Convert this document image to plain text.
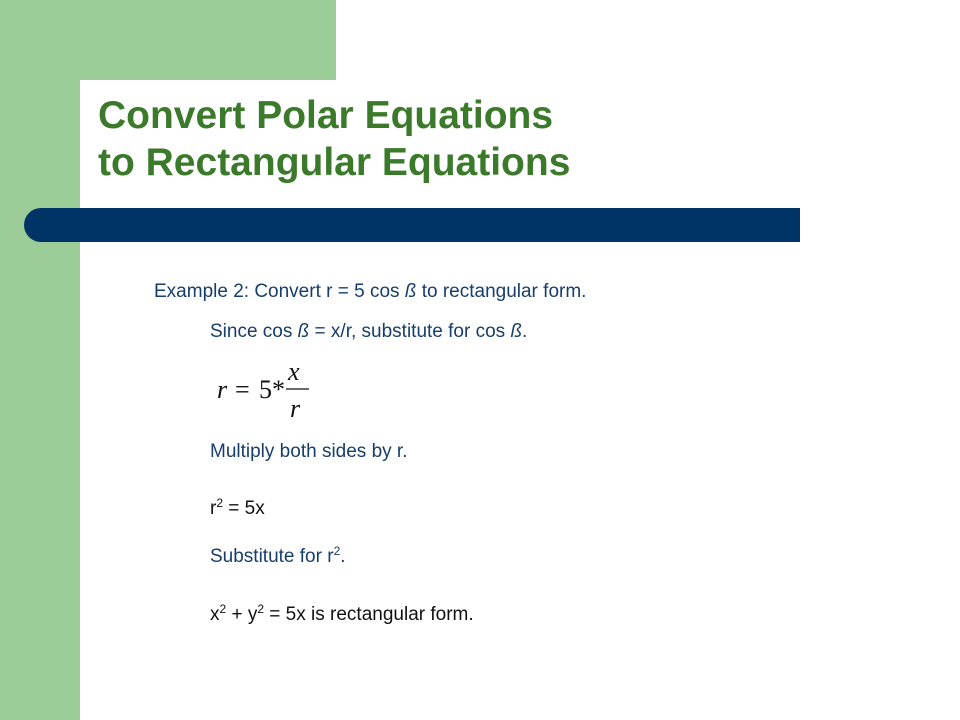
Convert Polar Equations
to Rectangular Equations

Example 2: Convert r = 5 cos ß to rectangular form.

Since cos ß = x/r, substitute for cos ß.

r = 5 *
x
r

Multiply both sides by r.

$r^2 = 5x$

Substitute for $r^2$.

$x^2 + y^2 = 5x$ is rectangular form.
